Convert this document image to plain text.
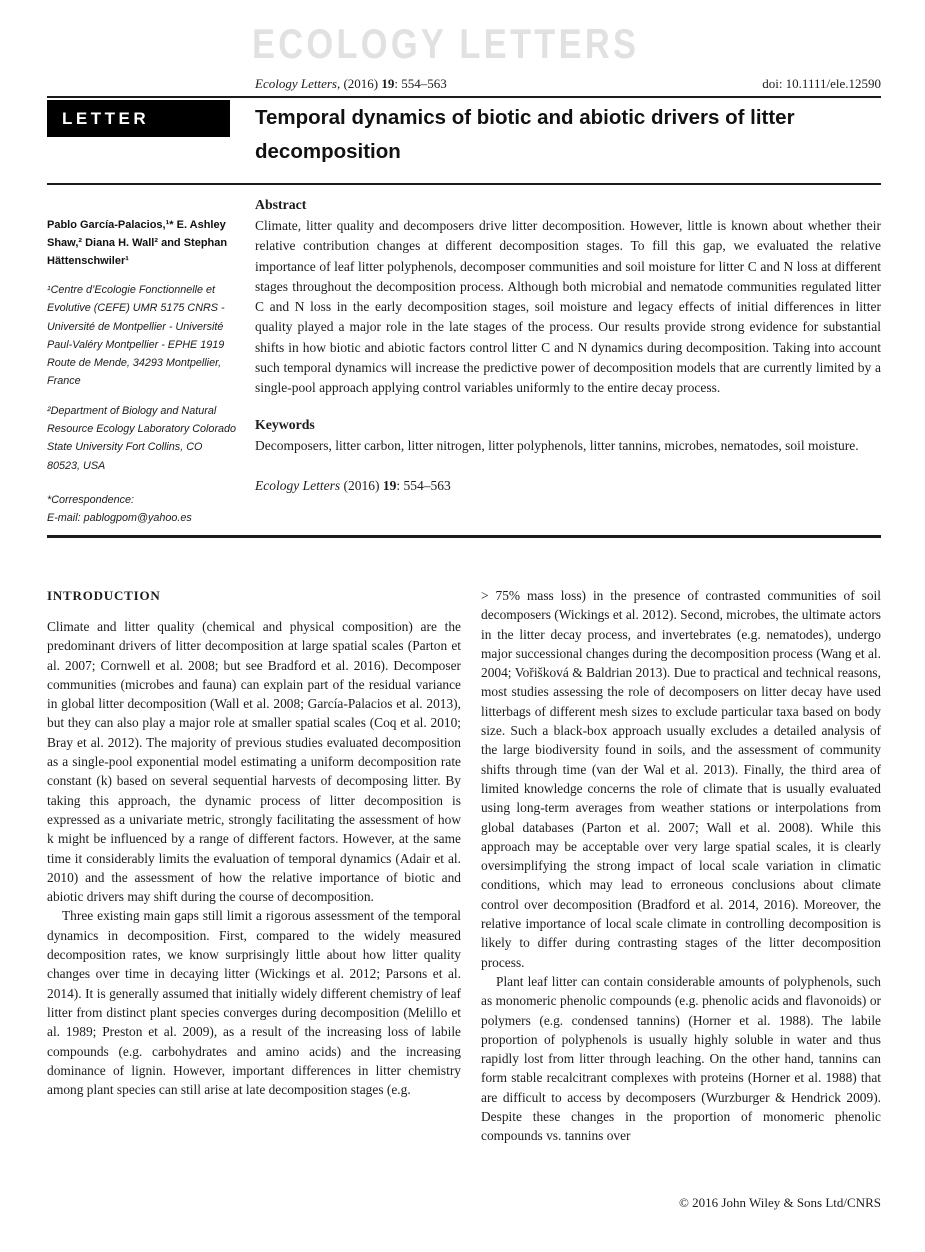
ECOLOGY LETTERS
Ecology Letters, (2016) 19: 554–563	doi: 10.1111/ele.12590
LETTER	Temporal dynamics of biotic and abiotic drivers of litter decomposition
Pablo García-Palacios,¹* E. Ashley Shaw,² Diana H. Wall² and Stephan Hättenschwiler¹
¹Centre d’Ecologie Fonctionnelle et Evolutive (CEFE) UMR 5175 CNRS - Université de Montpellier - Université Paul-Valéry Montpellier - EPHE 1919 Route de Mende, 34293 Montpellier, France
²Department of Biology and Natural Resource Ecology Laboratory Colorado State University Fort Collins, CO 80523, USA
*Correspondence:
E-mail: pablogpom@yahoo.es
Abstract

Climate, litter quality and decomposers drive litter decomposition. However, little is known about whether their relative contribution changes at different decomposition stages. To fill this gap, we evaluated the relative importance of leaf litter polyphenols, decomposer communities and soil moisture for litter C and N loss at different stages throughout the decomposition process. Although both microbial and nematode communities regulated litter C and N loss in the early decomposition stages, soil moisture and legacy effects of initial differences in litter quality played a major role in the late stages of the process. Our results provide strong evidence for substantial shifts in how biotic and abiotic factors control litter C and N dynamics during decomposition. Taking into account such temporal dynamics will increase the predictive power of decomposition models that are currently limited by a single-pool approach applying control variables uniformly to the entire decay process.

Keywords

Decomposers, litter carbon, litter nitrogen, litter polyphenols, litter tannins, microbes, nematodes, soil moisture.

Ecology Letters (2016) 19: 554–563
INTRODUCTION

Climate and litter quality (chemical and physical composition) are the predominant drivers of litter decomposition at large spatial scales (Parton et al. 2007; Cornwell et al. 2008; but see Bradford et al. 2016). Decomposer communities (microbes and fauna) can explain part of the residual variance in global litter decomposition (Wall et al. 2008; García-Palacios et al. 2013), but they can also play a major role at smaller spatial scales (Coq et al. 2010; Bray et al. 2012). The majority of previous studies evaluated decomposition as a single-pool exponential model estimating a uniform decomposition rate constant (k) based on several sequential harvests of decomposing litter. By taking this approach, the dynamic process of litter decomposition is expressed as a univariate metric, strongly facilitating the assessment of how k might be influenced by a range of different factors. However, at the same time it considerably limits the evaluation of temporal dynamics (Adair et al. 2010) and the assessment of how the relative importance of biotic and abiotic drivers may shift during the course of decomposition.

Three existing main gaps still limit a rigorous assessment of the temporal dynamics in decomposition. First, compared to the widely measured decomposition rates, we know surprisingly little about how litter quality changes over time in decaying litter (Wickings et al. 2012; Parsons et al. 2014). It is generally assumed that initially widely different chemistry of leaf litter from distinct plant species converges during decomposition (Melillo et al. 1989; Preston et al. 2009), as a result of the increasing loss of labile compounds (e.g. carbohydrates and amino acids) and the increasing dominance of lignin. However, important differences in litter chemistry among plant species can still arise at late decomposition stages (e.g.

> 75% mass loss) in the presence of contrasted communities of soil decomposers (Wickings et al. 2012). Second, microbes, the ultimate actors in the litter decay process, and invertebrates (e.g. nematodes), undergo major successional changes during the decomposition process (Wang et al. 2004; Vořišková & Baldrian 2013). Due to practical and technical reasons, most studies assessing the role of decomposers on litter decay have used litterbags of different mesh sizes to exclude particular taxa based on body size. Such a black-box approach usually excludes a detailed analysis of the large biodiversity found in soils, and the assessment of community shifts through time (van der Wal et al. 2013). Finally, the third area of limited knowledge concerns the role of climate that is usually evaluated using long-term averages from weather stations or interpolations from global databases (Parton et al. 2007; Wall et al. 2008). While this approach may be acceptable over very large spatial scales, it is clearly oversimplifying the strong impact of local scale variation in climatic conditions, which may lead to erroneous conclusions about climate control over decomposition (Bradford et al. 2014, 2016). Moreover, the relative importance of local scale climate in controlling decomposition is likely to differ during contrasting stages of the litter decomposition process.

Plant leaf litter can contain considerable amounts of polyphenols, such as monomeric phenolic compounds (e.g. phenolic acids and flavonoids) or polymers (e.g. condensed tannins) (Horner et al. 1988). The labile proportion of polyphenols is usually highly soluble in water and thus rapidly lost from litter through leaching. On the other hand, tannins can form stable recalcitrant complexes with proteins (Horner et al. 1988) that are difficult to access by decomposers (Wurzburger & Hendrick 2009). Despite these changes in the proportion of monomeric phenolic compounds vs. tannins over

© 2016 John Wiley & Sons Ltd/CNRS
